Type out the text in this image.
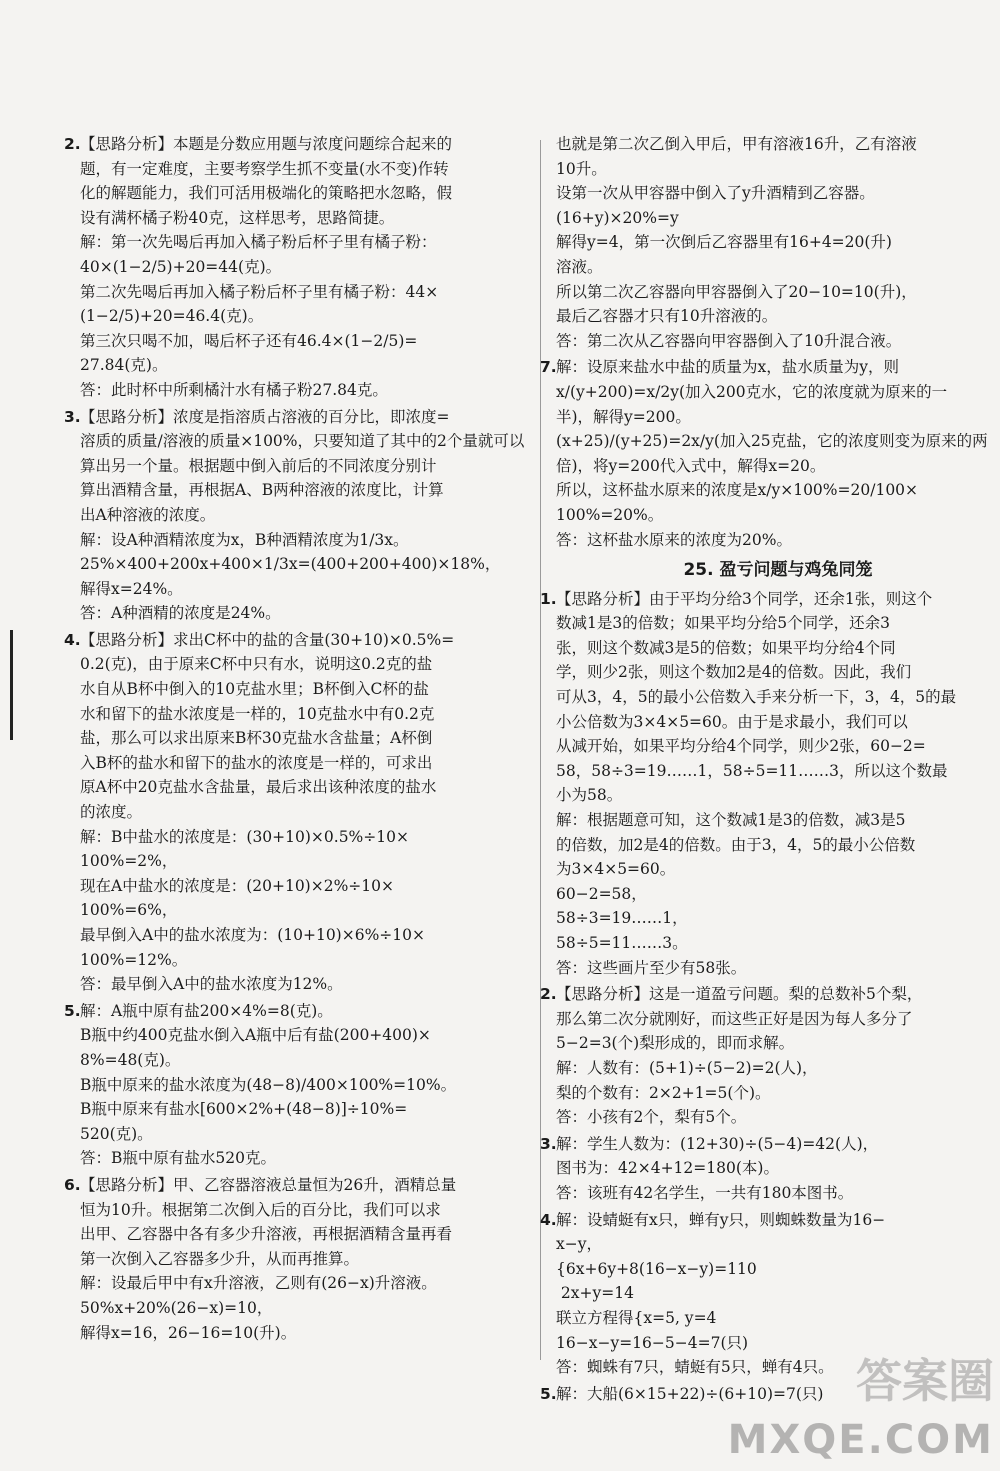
2. 【思路分析】本题是分数应用题与浓度问题综合起来的
题，有一定难度，主要考察学生抓不变量(水不变)作转
化的解题能力，我们可活用极端化的策略把水忽略，假
设有满杯橘子粉40克，这样思考，思路简捷。
解：第一次先喝后再加入橘子粉后杯子里有橘子粉：
40×(1−2/5)+20=44(克)。
第二次先喝后再加入橘子粉后杯子里有橘子粉：44×
(1−2/5)+20=46.4(克)。
第三次只喝不加，喝后杯子还有46.4×(1−2/5)=
27.84(克)。
答：此时杯中所剩橘汁水有橘子粉27.84克。
3. 【思路分析】浓度是指溶质占溶液的百分比，即浓度=
溶质的质量/溶液的质量×100%，只要知道了其中的2个量就可以
算出另一个量。根据题中倒入前后的不同浓度分别计
算出酒精含量，再根据A、B两种溶液的浓度比，计算
出A种溶液的浓度。
解：设A种酒精浓度为x，B种酒精浓度为1/3x。
25%×400+200x+400×1/3x=(400+200+400)×18%，
解得x=24%。
答：A种酒精的浓度是24%。
4. 【思路分析】求出C杯中的盐的含量(30+10)×0.5%=
0.2(克)，由于原来C杯中只有水，说明这0.2克的盐
水自从B杯中倒入的10克盐水里；B杯倒入C杯的盐
水和留下的盐水浓度是一样的，10克盐水中有0.2克
盐，那么可以求出原来B杯30克盐水含盐量；A杯倒
入B杯的盐水和留下的盐水的浓度是一样的，可求出
原A杯中20克盐水含盐量，最后求出该种浓度的盐水
的浓度。
解：B中盐水的浓度是：(30+10)×0.5%÷10×
100%=2%，
现在A中盐水的浓度是：(20+10)×2%÷10×
100%=6%，
最早倒入A中的盐水浓度为：(10+10)×6%÷10×
100%=12%。
答：最早倒入A中的盐水浓度为12%。
5. 解：A瓶中原有盐200×4%=8(克)。
B瓶中约400克盐水倒入A瓶中后有盐(200+400)×
8%=48(克)。
B瓶中原来的盐水浓度为(48−8)/400×100%=10%。
B瓶中原来有盐水[600×2%+(48−8)]÷10%=
520(克)。
答：B瓶中原有盐水520克。
6. 【思路分析】甲、乙容器溶液总量恒为26升，酒精总量
恒为10升。根据第二次倒入后的百分比，我们可以求
出甲、乙容器中各有多少升溶液，再根据酒精含量再看
第一次倒入乙容器多少升，从而再推算。
解：设最后甲中有x升溶液，乙则有(26−x)升溶液。
50%x+20%(26−x)=10，
解得x=16，26−16=10(升)。
也就是第二次乙倒入甲后，甲有溶液16升，乙有溶液
10升。
设第一次从甲容器中倒入了y升酒精到乙容器。
(16+y)×20%=y
解得y=4，第一次倒后乙容器里有16+4=20(升)
溶液。
所以第二次乙容器向甲容器倒入了20−10=10(升)，
最后乙容器才只有10升溶液的。
答：第二次从乙容器向甲容器倒入了10升混合液。
7. 解：设原来盐水中盐的质量为x，盐水质量为y，则
x/(y+200)=x/2y(加入200克水，它的浓度就为原来的一
半)，解得y=200。
(x+25)/(y+25)=2x/y(加入25克盐，它的浓度则变为原来的两
倍)，将y=200代入式中，解得x=20。
所以，这杯盐水原来的浓度是x/y×100%=20/100×
100%=20%。
答：这杯盐水原来的浓度为20%。
25. 盈亏问题与鸡兔同笼
1. 【思路分析】由于平均分给3个同学，还余1张，则这个
数减1是3的倍数；如果平均分给5个同学，还余3
张，则这个数减3是5的倍数；如果平均分给4个同
学，则少2张，则这个数加2是4的倍数。因此，我们
可从3，4，5的最小公倍数入手来分析一下，3，4，5的最
小公倍数为3×4×5=60。由于是求最小，我们可以
从减开始，如果平均分给4个同学，则少2张，60−2=
58，58÷3=19……1，58÷5=11……3，所以这个数最
小为58。
解：根据题意可知，这个数减1是3的倍数，减3是5
的倍数，加2是4的倍数。由于3，4，5的最小公倍数
为3×4×5=60。
60−2=58，
58÷3=19……1，
58÷5=11……3。
答：这些画片至少有58张。
2. 【思路分析】这是一道盈亏问题。梨的总数补5个梨，
那么第二次分就刚好，而这些正好是因为每人多分了
5−2=3(个)梨形成的，即而求解。
解：人数有：(5+1)÷(5−2)=2(人)，
梨的个数有：2×2+1=5(个)。
答：小孩有2个，梨有5个。
3. 解：学生人数为：(12+30)÷(5−4)=42(人)，
图书为：42×4+12=180(本)。
答：该班有42名学生，一共有180本图书。
4. 解：设蜻蜓有x只，蝉有y只，则蜘蛛数量为16−
x−y，
{6x+6y+8(16−x−y)=110
2x+y=14
联立方程得{x=5, y=4
16−x−y=16−5−4=7(只)
答：蜘蛛有7只，蜻蜓有5只，蝉有4只。
5. 解：大船(6×15+22)÷(6+10)=7(只) 答案圈
MXQE.COM
